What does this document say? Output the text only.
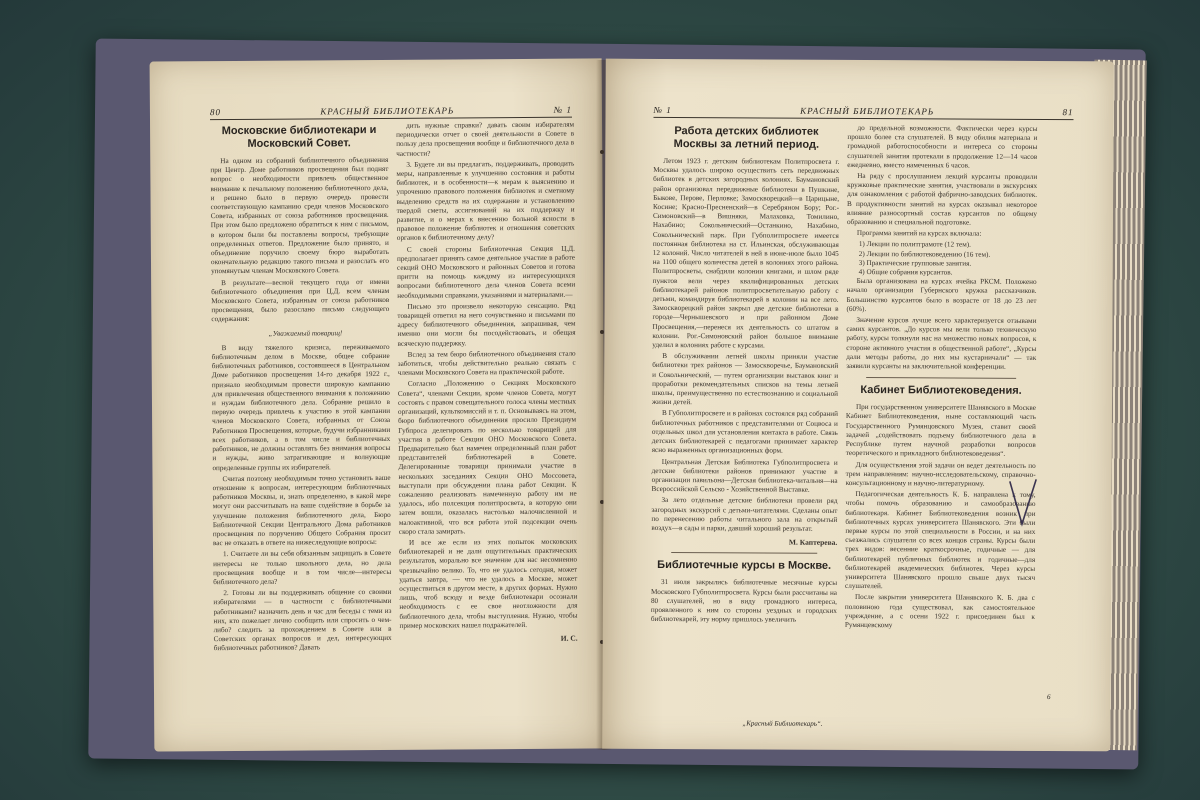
80	КРАСНЫЙ БИБЛИОТЕКАРЬ	№ 1
Московские библиотекари и Московский Совет.

На одном из собраний библиотечного объединения при Центр. Доме работников просвещения был поднят вопрос о необходимости привлечь общественное внимание к печальному положению библиотечного дела, и решено было в первую очередь провести соответствующую кампанию среди членов Московского Совета, избранных от союза работников просвещения. При этом было предложено обратиться к ним с письмом, в котором были бы поставлены вопросы, требующие определенных ответов. Предложение было принято, и объединение поручило своему бюро выработать окончательную редакцию такого письма и разослать его упомянутым членам Московского Совета.

В результате—весной текущего года от имени библиотечного объединения при Ц.Д. всем членам Московского Совета, избранным от союза работников просвещения, было разослано письмо следующего содержания:

„Уважаемый товарищ!

В виду тяжелого кризиса, переживаемого библиотечным делом в Москве, общее собрание библиотечных работников, состоявшееся в Центральном Доме работников просвещения 14-го декабря 1922 г., признало необходимым провести широкую кампанию для привлечения общественного внимания к положению и нуждам библиотечного дела. Собрание решило в первую очередь привлечь к участию в этой кампании членов Московского Совета, избранных от Союза Работников Просвещения, которые, будучи избранниками всех работников, а в том числе и библиотечных работников, не должны оставлять без внимания вопросы и нужды, живо затрагивающие и волнующие определенные группы их избирателей.

Считая поэтому необходимым точно установить ваше отношение к вопросам, интересующим библиотечных работников Москвы, и, знать определенно, в какой мере могут они рассчитывать на ваше содействие в борьбе за улучшение положения библиотечного дела, Бюро Библиотечной Секции Центрального Дома работников просвещения по поручению Общего Собрания просит вас не отказать в ответе на нижеследующие вопросы:

1. Считаете ли вы себя обязанным защищать в Совете интересы не только школьного дела, но дела просвещения вообще и в том числе—интересы библиотечного дела?

2. Готовы ли вы поддерживать общение со своими избирателями — в частности с библиотечными работниками? назначить день и час для беседы с теми из них, кто пожелает лично сообщить или спросить о чем-либо? следить за прохождением в Совете или в Советских органах вопросов и дел, интересующих библиотечных работников? Давать

дить нужные справки? давать своим избирателям периодически отчет о своей деятельности в Совете в пользу дела просвещения вообще и библиотечного дела в частности?

3. Будете ли вы предлагать, поддерживать, проводить меры, направленные к улучшению состояния и работы библиотек, и в особенности—к мерам к выяснению и упрочению правового положения библиотек и сметному выделению средств на их содержание и установлению твердой сметы, ассигнований на их поддержку и развитие, и о мерах к внесению больной ясности в правовое положение библиотек и отношения советских органов к библиотечному делу?

С своей стороны Библиотечная Секция Ц.Д. предполагает принять самое деятельное участие в работе секций ОНО Московского и районных Советов и готова притти на помощь каждому из интересующихся вопросами библиотечного дела членов Совета всеми необходимыми справками, указаниями и материалами.—

Письмо это произвело некоторую сенсацию. Ряд товарищей ответил на него сочувственно и письмами по адресу библиотечного объединения, запрашивая, чем именно они могли бы посодействовать, и обещая всяческую поддержку.

Вслед за тем бюро библиотечного объединения стало заботиться, чтобы действительно реально связать с членами Московского Совета на практической работе.

Согласно „Положению о Секциях Московского Совета“, членами Секции, кроме членов Совета, могут состоять с правом совещательного голоса члены местных организаций, культкомиссий и т. п. Основываясь на этом, бюро библиотечного объединения просило Президиум Губпроса делегировать по несколько товарищей для участия в работе Секции ОНО Московского Совета. Предварительно был намечен определенный план работ представителей библиотекарей в Совете. Делегированные товарищи принимали участие в нескольких заседаниях Секции ОНО Моссовета, выступали при обсуждении плана работ Секции. К сожалению реализовать намеченную работу им не удалось, ибо полсекция политпросвета, в которую они затем вошли, оказалась настолько малочисленной и малоактивной, что вся работа этой подсекции очень скоро стала замирать.

И все же если из этих попыток московских библиотекарей и не дали ощутительных практических результатов, морально все значение для нас несомненно чрезвычайно велико. То, что не удалось сегодня, может удаться завтра, — что не удалось в Москве, может осуществиться в другом месте, в других формах. Нужно лишь, чтоб всюду и везде библиотекари осознали необходимость с ее свое неотложности для библиотечного дела, чтобы выступления. Нужно, чтобы пример московских нашел подражателей.

И. С.
№ 1	КРАСНЫЙ БИБЛИОТЕКАРЬ	81
Работа детских библиотек Москвы за летний период.

Летом 1923 г. детским библиотекам Политпросвета г. Москвы удалось широко осуществить сеть передвижных библиотек в детских загородных колониях. Баумановский район организовал передвижные библиотеки в Пушкине, Быкове, Перове, Перловке; Замоскворецкий—в Царицыне, Косине; Красно-Пресненский—в Серебряном Бору; Рог.-Симоновский—в Вишняки, Малаховка, Томилино, Нахабино; Сокольнический—Останкино, Нахабино, Сокольнический парк. При Губполитпросвете имеется постоянная библиотека на ст. Ильинская, обслуживающая 12 колоний. Число читателей в ней в июне-июле было 1045 на 1100 общего количества детей в колониях этого района. Политпросветы, снабдили колонии книгами, и шлом ряде пунктов вели через квалифицированных детских библиотекарей районов политпросветительную работу с детьми, командируя библиотекарей в колонии на все лето. Замоскворецкий район закрыл две детские библиотеки в городе—Чернышевского и при районном Доме Просвещения,—перенеся их деятельность со штатом в колонии. Рог.-Симоновский район большое внимание уделил в колониях работе с курсами.

В обслуживании летней школы приняли участие библиотеки трех районов — Замоскворечье, Баумановский и Сокольнический, — путем организации выставок книг и проработки рекомендательных списков на темы летней школы, преимущественно по естествознанию и социальной жизни детей.

В Губполитпросвете и в районах состоялся ряд собраний библиотечных работников с представителями от Соцвоса и отдельных школ для установления контакта в работе. Связь детских библиотекарей с педагогами принимает характер ясно выраженных организационных форм.

Центральная Детская Библиотека Губполитпросвета и детские библиотеки районов принимают участие в организации павильона—Детская библиотека-читальня—на Всероссийской Сельско - Хозяйственной Выставке.

За лето отдельные детские библиотеки провели ряд загородных экскурсий с детьми-читателями. Сделаны опыт по перенесению работы читального зала на открытый воздух—в сады и парки, давший хороший результат.

М. Каптерева.
Библиотечные курсы в Москве.

31 июля закрылись библиотечные месячные курсы Московского Губполитпросвета. Курсы были рассчитаны на 80 слушателей, но в виду громадного интереса, проявленного к ним со стороны уездных и городских библиотекарей, эту норму пришлось увеличить

до предельной возможности. Фактически через курсы прошло более ста слушателей. В виду обилия материала и громадной работоспособности и интереса со стороны слушателей занятия протекали в продолжение 12—14 часов ежедневно, вместо намеченных 6 часов.

На ряду с прослушанием лекций курсанты проводили кружковые практические занятия, участвовали в экскурсиях для ознакомления с работой фабрично-заводских библиотек. В продуктивности занятий на курсах оказывал некоторое влияние разносортный состав курсантов по общему образованию и специальной подготовке.

Программа занятий на курсах включала:

1) Лекции по политграмоте (12 тем).
2) Лекции по библиотековедению (16 тем).
3) Практические групповые занятия.
4) Общие собрания курсантов.

Была организована на курсах ячейка РКСМ. Положено начало организации Губернского кружка рассказчиков. Большинство курсантов было в возрасте от 18 до 23 лет (60%).

Значение курсов лучше всего характеризуется отзывами самих курсантов. „До курсов мы вели только техническую работу, курсы толкнули нас на множество новых вопросов, к стороне активного участия в общественной работе“, „Курсы дали методы работы, до них мы кустарничали“ — так заявили курсанты на заключительной конференции.

Кабинет Библиотековедения.

При государственном университете Шанявского в Москве Кабинет Библиотековедения, ныне составляющий часть Государственного Румянцовского Музея, ставит своей задачей „содействовать подъему библиотечного дела в Республике путем научной разработки вопросов теоретического и прикладного библиотековедения“.

Для осуществления этой задачи он ведет деятельность по трем направлениям: научно-исследовательскому, справочно-консультационному и научно-литературному.

Педагогическая деятельность К. Б. направлена к тому, чтобы помочь образованию и самообразованию библиотекаря. Кабинет Библиотековедения возник при библиотечных курсах университета Шанявского. Эти были первые курсы по этой специальности в России, и на них съезжались слушатели со всех концов страны. Курсы были трех видов: весенние краткосрочные, годичные — для библиотекарей публичных библиотек и годичные—для библиотекарей академических библиотек. Через курсы университета Шанявского прошло свыше двух тысяч слушателей.

После закрытия университета Шанявского К. Б. два с половиною года существовал, как самостоятельное учреждение, а с осени 1922 г. присоединен был к Румянцевскому

„Красный Библиотекарь“.
6
